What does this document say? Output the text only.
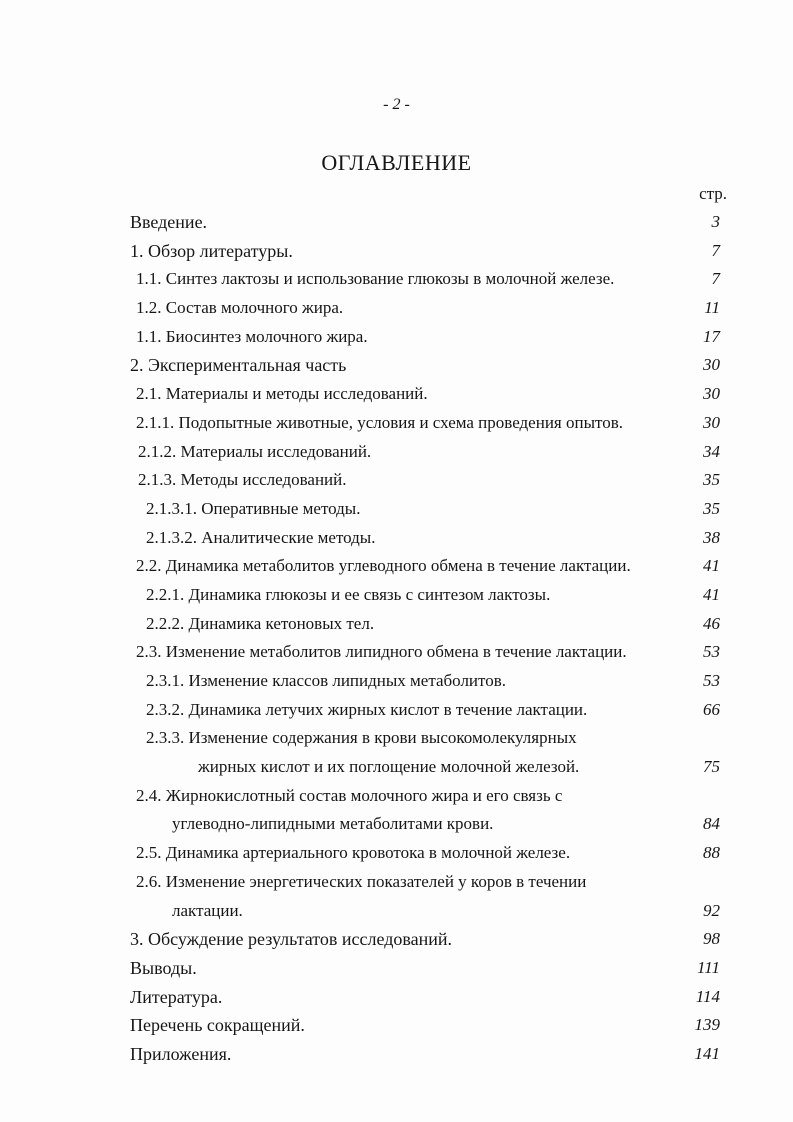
- 2 -
ОГЛАВЛЕНИЕ
стр.
Введение.	3
1. Обзор литературы.	7
1.1. Синтез лактозы и использование глюкозы в молочной железе.	7
1.2. Состав молочного жира.	11
1.1. Биосинтез молочного жира.	17
2. Экспериментальная часть	30
2.1. Материалы и методы исследований.	30
2.1.1. Подопытные животные, условия и схема проведения опытов.	30
2.1.2. Материалы исследований.	34
2.1.3. Методы исследований.	35
2.1.3.1. Оперативные методы.	35
2.1.3.2. Аналитические методы.	38
2.2. Динамика метаболитов углеводного обмена в течение лактации.	41
2.2.1. Динамика глюкозы и ее связь с синтезом лактозы.	41
2.2.2. Динамика кетоновых тел.	46
2.3. Изменение метаболитов липидного обмена в течение лактации.	53
2.3.1. Изменение классов липидных метаболитов.	53
2.3.2. Динамика летучих жирных кислот в течение лактации.	66
2.3.3. Изменение содержания в крови высокомолекулярных
жирных кислот и их поглощение молочной железой.	75
2.4. Жирнокислотный состав молочного жира и его связь с
углеводно-липидными метаболитами крови.	84
2.5. Динамика артериального кровотока в молочной железе.	88
2.6. Изменение энергетических показателей у коров в течении
лактации.	92
3. Обсуждение результатов исследований.	98
Выводы.	111
Литература.	114
Перечень сокращений.	139
Приложения.	141
